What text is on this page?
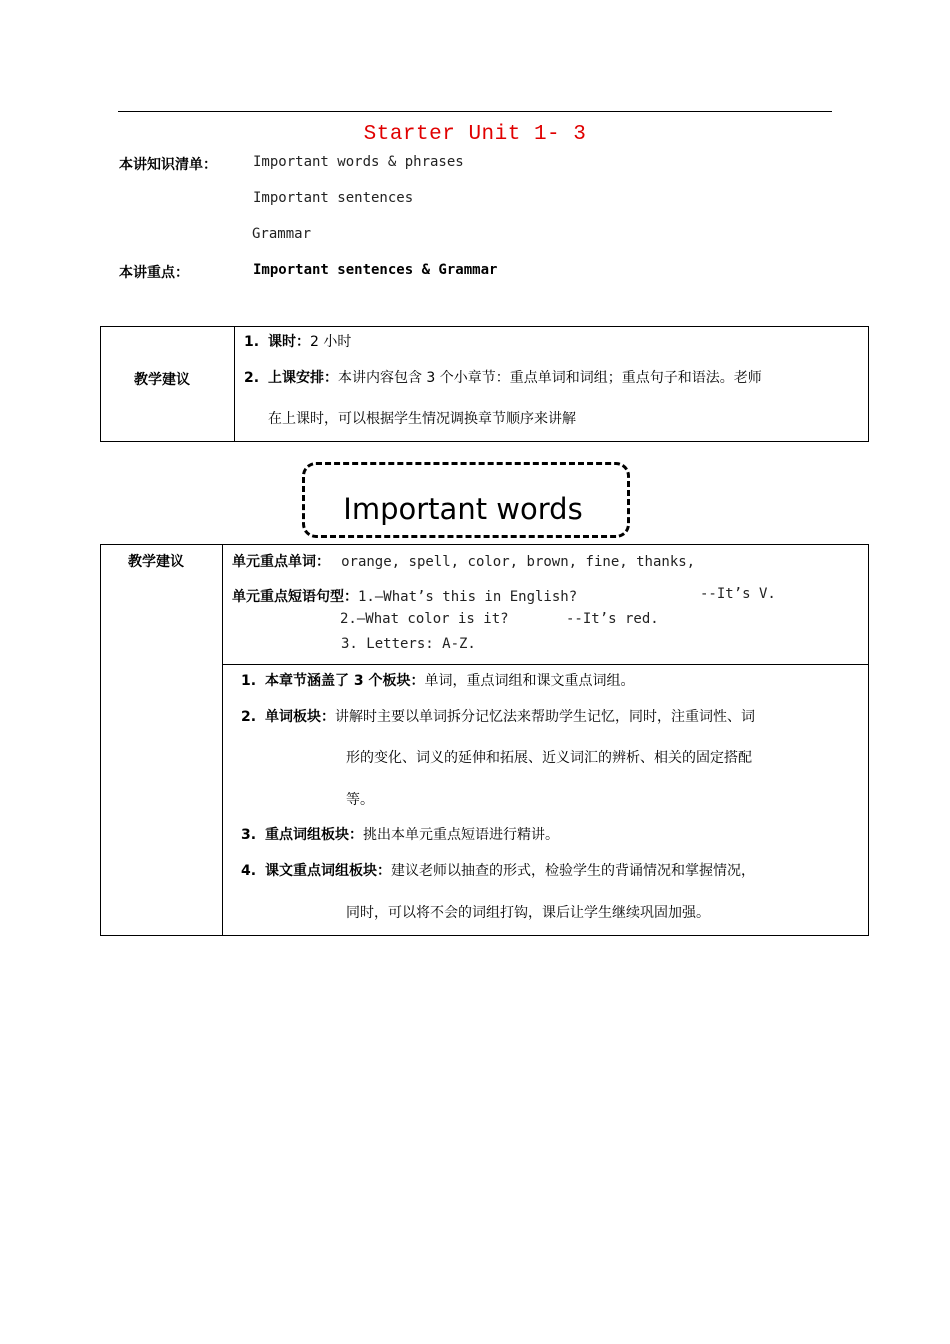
Starter Unit 1- 3
本讲知识清单：	Important words & phrases
Important sentences
Grammar
本讲重点：	Important sentences & Grammar
教学建议
1. 课时：2 小时
2. 上课安排：本讲内容包含 3 个小章节：重点单词和词组；重点句子和语法。老师
在上课时，可以根据学生情况调换章节顺序来讲解
Important words
教学建议	单元重点单词： orange, spell, color, brown, fine, thanks,
单元重点短语句型：1.—What’s this in English?	--It’s V.
2.—What color is it?	--It’s red.
3. Letters: A-Z.
1. 本章节涵盖了 3 个板块：单词，重点词组和课文重点词组。
2. 单词板块：讲解时主要以单词拆分记忆法来帮助学生记忆，同时，注重词性、词
形的变化、词义的延伸和拓展、近义词汇的辨析、相关的固定搭配
等。
3. 重点词组板块：挑出本单元重点短语进行精讲。
4. 课文重点词组板块：建议老师以抽查的形式，检验学生的背诵情况和掌握情况，
同时，可以将不会的词组打钩，课后让学生继续巩固加强。
